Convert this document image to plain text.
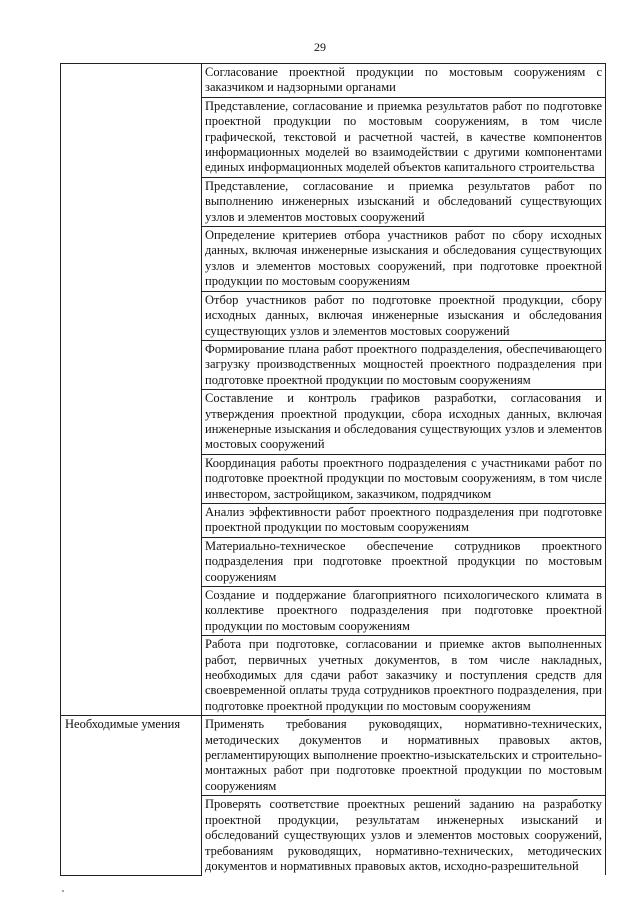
29

	Согласование проектной продукции по мостовым сооружениям с заказчиком и надзорными органами

	Представление, согласование и приемка результатов работ по подготовке проектной продукции по мостовым сооружениям, в том числе графической, текстовой и расчетной частей, в качестве компонентов информационных моделей во взаимодействии с другими компонентами единых информационных моделей объектов капитального строительства

	Представление, согласование и приемка результатов работ по выполнению инженерных изысканий и обследований существующих узлов и элементов мостовых сооружений

	Определение критериев отбора участников работ по сбору исходных данных, включая инженерные изыскания и обследования существующих узлов и элементов мостовых сооружений, при подготовке проектной продукции по мостовым сооружениям

	Отбор участников работ по подготовке проектной продукции, сбору исходных данных, включая инженерные изыскания и обследования существующих узлов и элементов мостовых сооружений

	Формирование плана работ проектного подразделения, обеспечивающего загрузку производственных мощностей проектного подразделения при подготовке проектной продукции по мостовым сооружениям

	Составление и контроль графиков разработки, согласования и утверждения проектной продукции, сбора исходных данных, включая инженерные изыскания и обследования существующих узлов и элементов мостовых сооружений

	Координация работы проектного подразделения с участниками работ по подготовке проектной продукции по мостовым сооружениям, в том числе инвестором, застройщиком, заказчиком, подрядчиком

	Анализ эффективности работ проектного подразделения при подготовке проектной продукции по мостовым сооружениям

	Материально-техническое обеспечение сотрудников проектного подразделения при подготовке проектной продукции по мостовым сооружениям

	Создание и поддержание благоприятного психологического климата в коллективе проектного подразделения при подготовке проектной продукции по мостовым сооружениям

	Работа при подготовке, согласовании и приемке актов выполненных работ, первичных учетных документов, в том числе накладных, необходимых для сдачи работ заказчику и поступления средств для своевременной оплаты труда сотрудников проектного подразделения, при подготовке проектной продукции по мостовым сооружениям

Необходимые умения	Применять требования руководящих, нормативно-технических, методических документов и нормативных правовых актов, регламентирующих выполнение проектно-изыскательских и строительно-монтажных работ при подготовке проектной продукции по мостовым сооружениям

	Проверять соответствие проектных решений заданию на разработку проектной продукции, результатам инженерных изысканий и обследований существующих узлов и элементов мостовых сооружений, требованиям руководящих, нормативно-технических, методических документов и нормативных правовых актов, исходно-разрешительной
